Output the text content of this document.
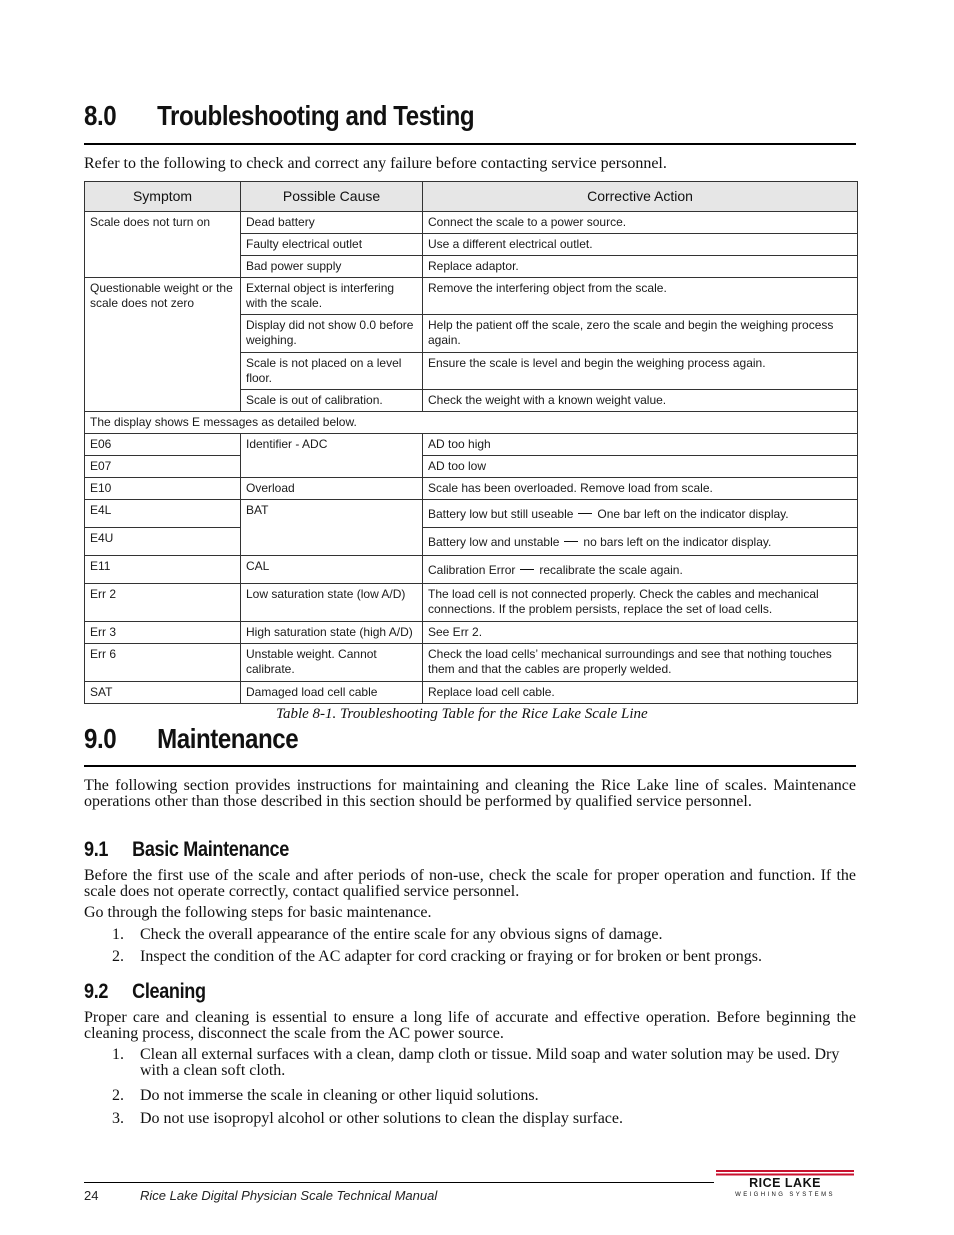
8.0 Troubleshooting and Testing

Refer to the following to check and correct any failure before contacting service personnel.

Symptom	Possible Cause	Corrective Action
Scale does not turn on	Dead battery	Connect the scale to a power source.
	Faulty electrical outlet	Use a different electrical outlet.
	Bad power supply	Replace adaptor.
Questionable weight or the scale does not zero	External object is interfering with the scale.	Remove the interfering object from the scale.
	Display did not show 0.0 before weighing.	Help the patient off the scale, zero the scale and begin the weighing process again.
	Scale is not placed on a level floor.	Ensure the scale is level and begin the weighing process again.
	Scale is out of calibration.	Check the weight with a known weight value.
The display shows E messages as detailed below.		
E06	Identifier - ADC	AD too high
E07		AD too low
E10	Overload	Scale has been overloaded. Remove load from scale.
E4L	BAT	Battery low but still useable One bar left on the indicator display.
E4U		Battery low and unstable no bars left on the indicator display.
E11	CAL	Calibration Error recalibrate the scale again.
Err 2	Low saturation state (low A/D)	The load cell is not connected properly. Check the cables and mechanical connections. If the problem persists, replace the set of load cells.
Err 3	High saturation state (high A/D)	See Err 2.
Err 6	Unstable weight. Cannot calibrate.	Check the load cells’ mechanical surroundings and see that nothing touches them and that the cables are properly welded.
SAT	Damaged load cell cable	Replace load cell cable.
Table 8-1. Troubleshooting Table for the Rice Lake Scale Line
9.0 Maintenance

The following section provides instructions for maintaining and cleaning the Rice Lake line of scales. Maintenance operations other than those described in this section should be performed by qualified service personnel.

9.1 Basic Maintenance

Before the first use of the scale and after periods of non-use, check the scale for proper operation and function. If the scale does not operate correctly, contact qualified service personnel.

Go through the following steps for basic maintenance.

1.	Check the overall appearance of the entire scale for any obvious signs of damage.
2.	Inspect the condition of the AC adapter for cord cracking or fraying or for broken or bent prongs.
9.2 Cleaning

Proper care and cleaning is essential to ensure a long life of accurate and effective operation. Before beginning the cleaning process, disconnect the scale from the AC power source.

1.	Clean all external surfaces with a clean, damp cloth or tissue. Mild soap and water solution may be used. Dry with a clean soft cloth.
2.	Do not immerse the scale in cleaning or other liquid solutions.
3.	Do not use isopropyl alcohol or other solutions to clean the display surface.
24	Rice Lake Digital Physician Scale Technical Manual
RICE LAKE
WEIGHING SYSTEMS
